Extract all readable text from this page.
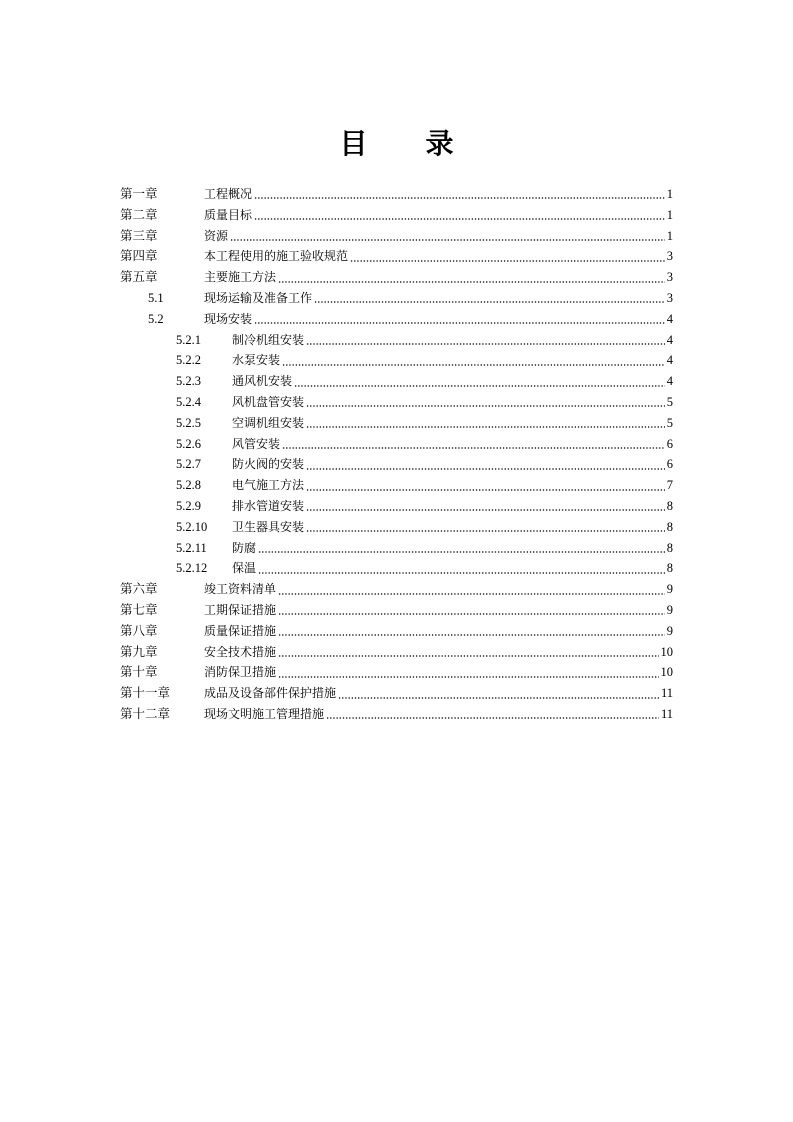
目 录
第一章	工程概况	1
第二章	质量目标	1
第三章	资源	1
第四章	本工程使用的施工验收规范	3
第五章	主要施工方法	3
5.1	现场运输及准备工作	3
5.2	现场安装	4
5.2.1	制冷机组安装	4
5.2.2	水泵安装	4
5.2.3	通风机安装	4
5.2.4	风机盘管安装	5
5.2.5	空调机组安装	5
5.2.6	风管安装	6
5.2.7	防火阀的安装	6
5.2.8	电气施工方法	7
5.2.9	排水管道安装	8
5.2.10 卫生器具安装	8
5.2.11 防腐	8
5.2.12 保温	8
第六章	竣工资料清单	9
第七章	工期保证措施	9
第八章	质量保证措施	9
第九章	安全技术措施	10
第十章	消防保卫措施	10
第十一章	成品及设备部件保护措施	11
第十二章	现场文明施工管理措施	11
